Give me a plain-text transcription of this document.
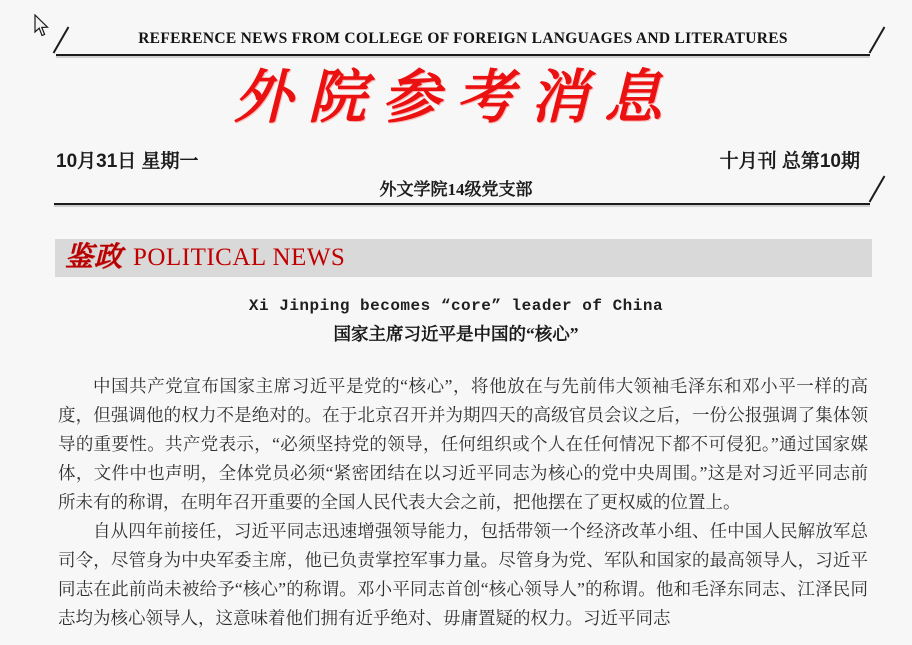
REFERENCE NEWS FROM COLLEGE OF FOREIGN LANGUAGES AND LITERATURES
外院参考消息
10月31日 星期一	十月刊 总第10期
外文学院14级党支部
鉴政 POLITICAL NEWS
Xi Jinping becomes “core” leader of China
国家主席习近平是中国的“核心”

中国共产党宣布国家主席习近平是党的“核心”，将他放在与先前伟大领袖毛泽东和邓小平一样的高度，但强调他的权力不是绝对的。在于北京召开并为期四天的高级官员会议之后，一份公报强调了集体领导的重要性。共产党表示，“必须坚持党的领导，任何组织或个人在任何情况下都不可侵犯。”通过国家媒体，文件中也声明，全体党员必须“紧密团结在以习近平同志为核心的党中央周围。”这是对习近平同志前所未有的称谓，在明年召开重要的全国人民代表大会之前，把他摆在了更权威的位置上。

自从四年前接任，习近平同志迅速增强领导能力，包括带领一个经济改革小组、任中国人民解放军总司令，尽管身为中央军委主席，他已负责掌控军事力量。尽管身为党、军队和国家的最高领导人，习近平同志在此前尚未被给予“核心”的称谓。邓小平同志首创“核心领导人”的称谓。他和毛泽东同志、江泽民同志均为核心领导人，这意味着他们拥有近乎绝对、毋庸置疑的权力。习近平同志
